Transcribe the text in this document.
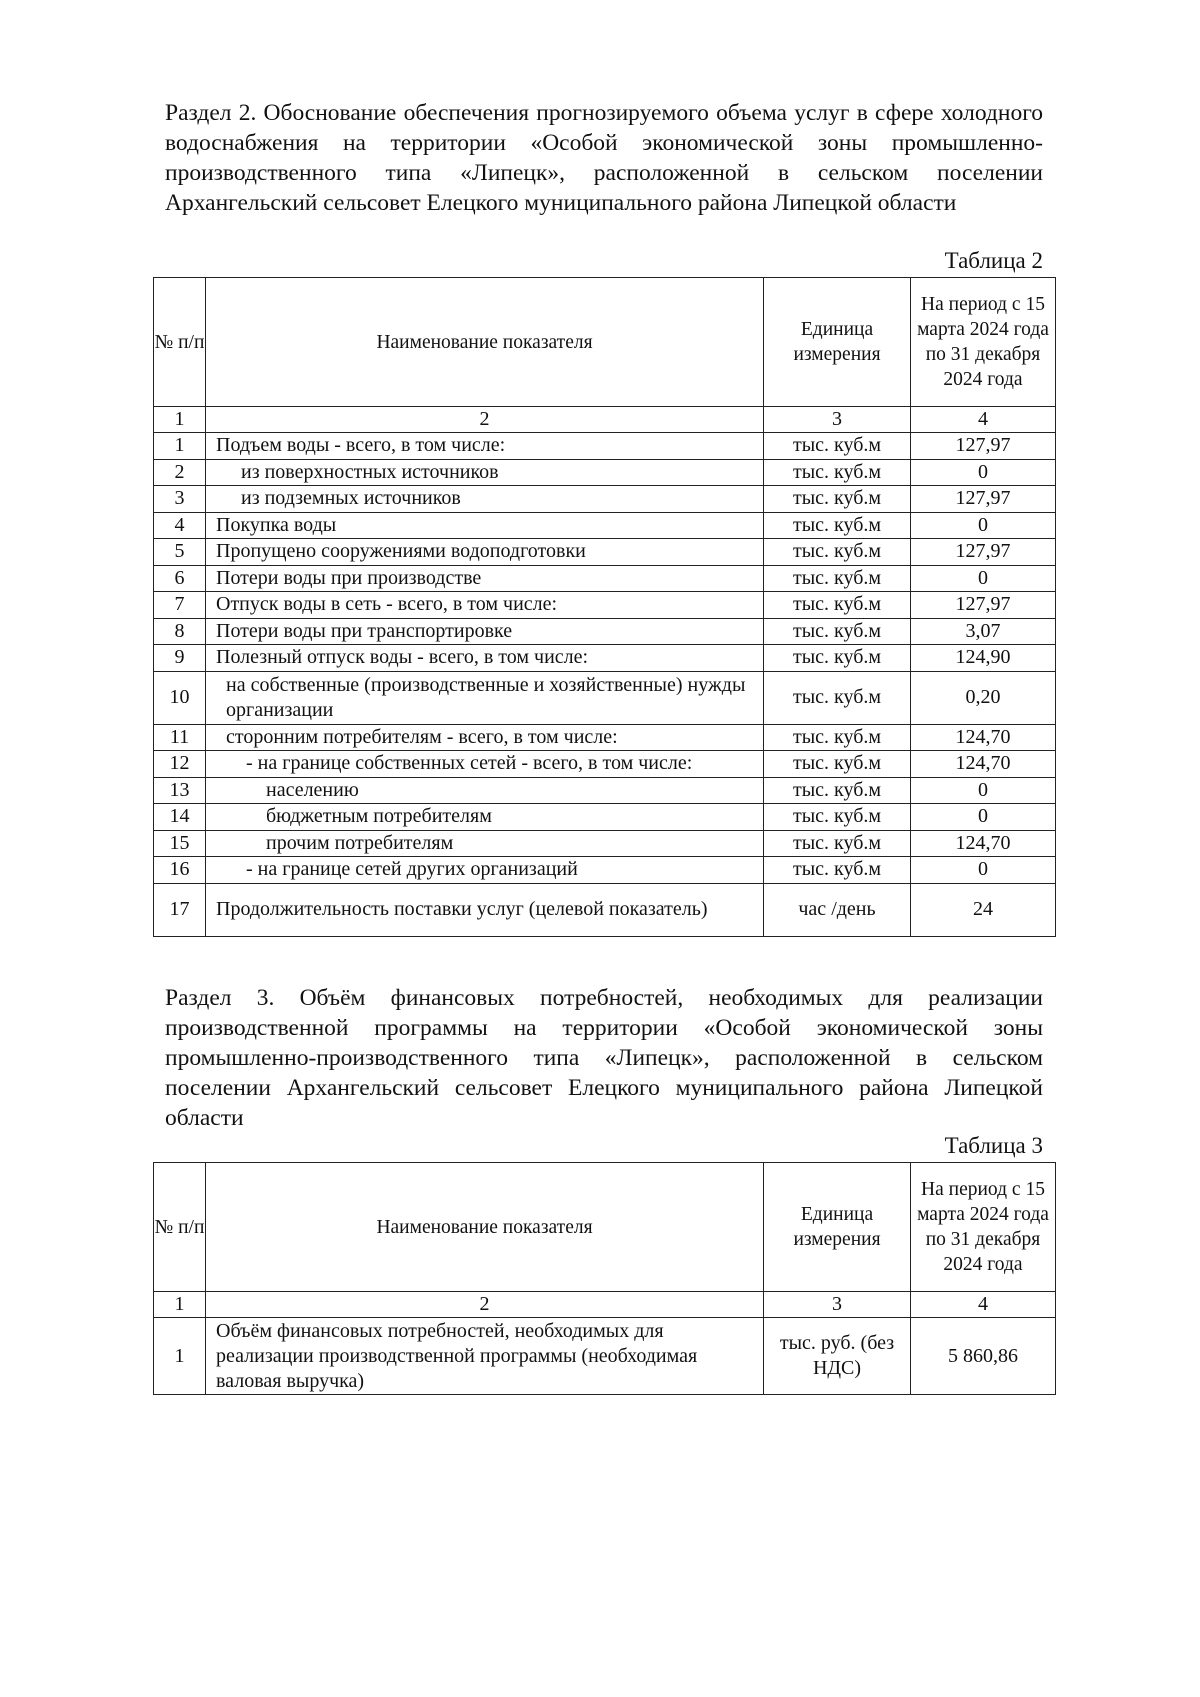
Раздел 2. Обоснование обеспечения прогнозируемого объема услуг в сфере холодного водоснабжения на территории «Особой экономической зоны промышленно-производственного типа «Липецк», расположенной в сельском поселении Архангельский сельсовет Елецкого муниципального района Липецкой области
Таблица 2
№ п/п	Наименование показателя	Единица измерения	На период с 15 марта 2024 года по 31 декабря 2024 года
1	2	3	4
1	Подъем воды - всего, в том числе:	тыс. куб.м	127,97
2	из поверхностных источников	тыс. куб.м	0
3	из подземных источников	тыс. куб.м	127,97
4	Покупка воды	тыс. куб.м	0
5	Пропущено сооружениями водоподготовки	тыс. куб.м	127,97
6	Потери воды при производстве	тыс. куб.м	0
7	Отпуск воды в сеть - всего, в том числе:	тыс. куб.м	127,97
8	Потери воды при транспортировке	тыс. куб.м	3,07
9	Полезный отпуск воды - всего, в том числе:	тыс. куб.м	124,90
10	на собственные (производственные и хозяйственные) нужды организации	тыс. куб.м	0,20
11	сторонним потребителям - всего, в том числе:	тыс. куб.м	124,70
12	- на границе собственных сетей - всего, в том числе:	тыс. куб.м	124,70
13	населению	тыс. куб.м	0
14	бюджетным потребителям	тыс. куб.м	0
15	прочим потребителям	тыс. куб.м	124,70
16	- на границе сетей других организаций	тыс. куб.м	0
17	Продолжительность поставки услуг (целевой показатель)	час /день	24
Раздел 3. Объём финансовых потребностей, необходимых для реализации производственной программы на территории «Особой экономической зоны промышленно-производственного типа «Липецк», расположенной в сельском поселении Архангельский сельсовет Елецкого муниципального района Липецкой области
Таблица 3
№ п/п	Наименование показателя	Единица измерения	На период с 15 марта 2024 года по 31 декабря 2024 года
1	2	3	4
1	Объём финансовых потребностей, необходимых для реализации производственной программы (необходимая валовая выручка)	тыс. руб. (без НДС)	5 860,86
